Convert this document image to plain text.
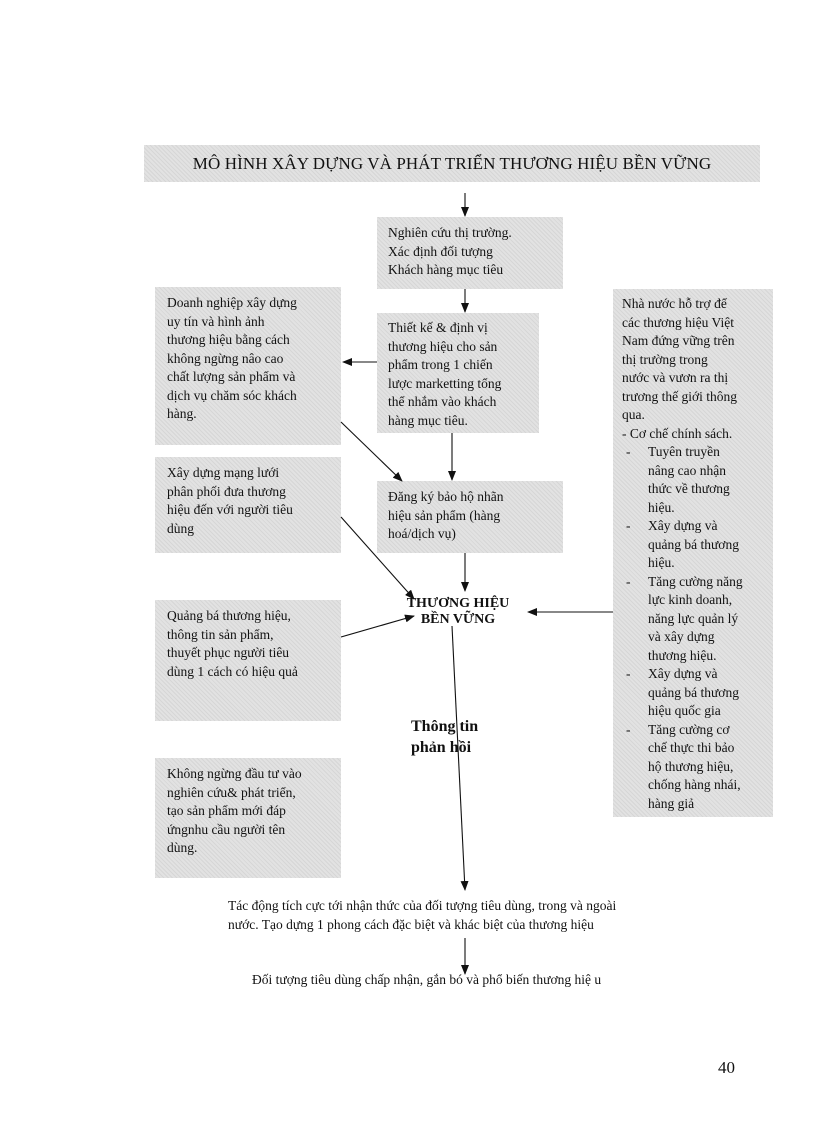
MÔ HÌNH XÂY DỰNG VÀ PHÁT TRIỂN THƯƠNG HIỆU BỀN VỮNG
Nghiên cứu thị trường.
Xác định đối tượng
Khách hàng mục tiêu
Thiết kế & định vị
thương hiệu cho sản
phẩm trong 1 chiến
lược marketting tổng
thể nhắm vào khách
hàng mục tiêu.
Đăng ký bảo hộ nhãn
hiệu sản phẩm (hàng
hoá/dịch vụ)
THƯƠNG HIỆU
BỀN VỮNG
Thông tin
phản hồi
Doanh nghiệp xây dựng
uy tín và hình ảnh
thương hiệu bằng cách
không ngừng nâo cao
chất lượng sản phẩm và
dịch vụ chăm sóc khách
hàng.
Xây dựng mạng lưới
phân phối đưa thương
hiệu đến với người tiêu
dùng
Quảng bá thương hiệu,
thông tin sản phẩm,
thuyết phục người tiêu
dùng 1 cách có hiệu quả
Không ngừng đầu tư vào
nghiên cứu& phát triển,
tạo sản phẩm mới đáp
ứngnhu cầu người tên
dùng.
Nhà nước hỗ trợ để
các thương hiệu Việt
Nam đứng vững trên
thị trường trong
nước và vươn ra thị
trương thế giới thông
qua.
- Cơ chế chính sách.
- Tuyên truyền
nâng cao nhận
thức về thương
hiệu.
- Xây dựng và
quảng bá thương
hiệu.
- Tăng cường năng
lực kinh doanh,
năng lực quản lý
và xây dựng
thương hiệu.
- Xây dựng và
quảng bá thương
hiệu quốc gia
- Tăng cường cơ
chế thực thi bảo
hộ thương hiệu,
chống hàng nhái,
hàng giả
Tác động tích cực tới nhận thức của đối tượng tiêu dùng, trong và ngoài
nước. Tạo dựng 1 phong cách đặc biệt và khác biệt của thương hiệu
Đối tượng tiêu dùng chấp nhận, gắn bó và phổ biến thương hiệ u
40
